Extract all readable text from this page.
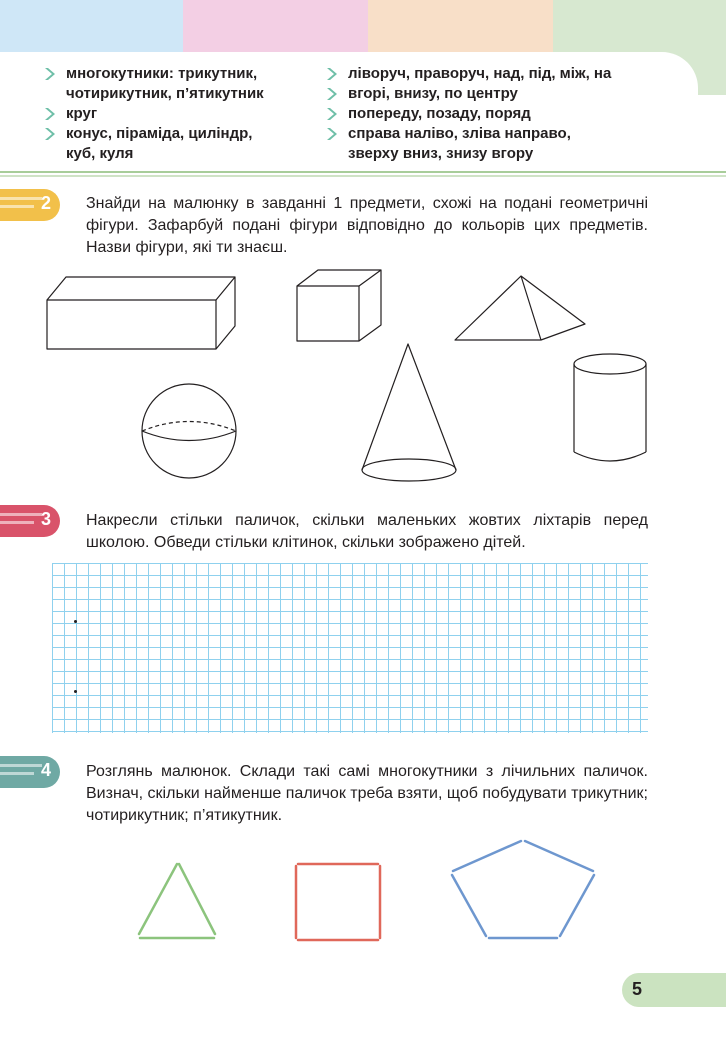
многокутники: трикутник,
чотирикутник, п’ятикутник
круг
конус, піраміда, циліндр,
куб, куля
ліворуч, праворуч, над, під, між, на
вгорі, внизу, по центру
попереду, позаду, поряд
справа наліво, зліва направо,
зверху вниз, знизу вгору
2 Знайди на малюнку в завданні 1 предмети, схожі на подані геометричні фігури. Зафарбуй подані фігури відповідно до кольорів цих предметів. Назви фігури, які ти знаєш.
3 Накресли стільки паличок, скільки маленьких жовтих ліхтарів перед школою. Обведи стільки клітинок, скільки зображено дітей.
4 Розглянь малюнок. Склади такі самі многокутники з лічильних паличок. Визнач, скільки найменше паличок треба взяти, щоб побудувати трикутник; чотирикутник; п’ятикутник.
5
